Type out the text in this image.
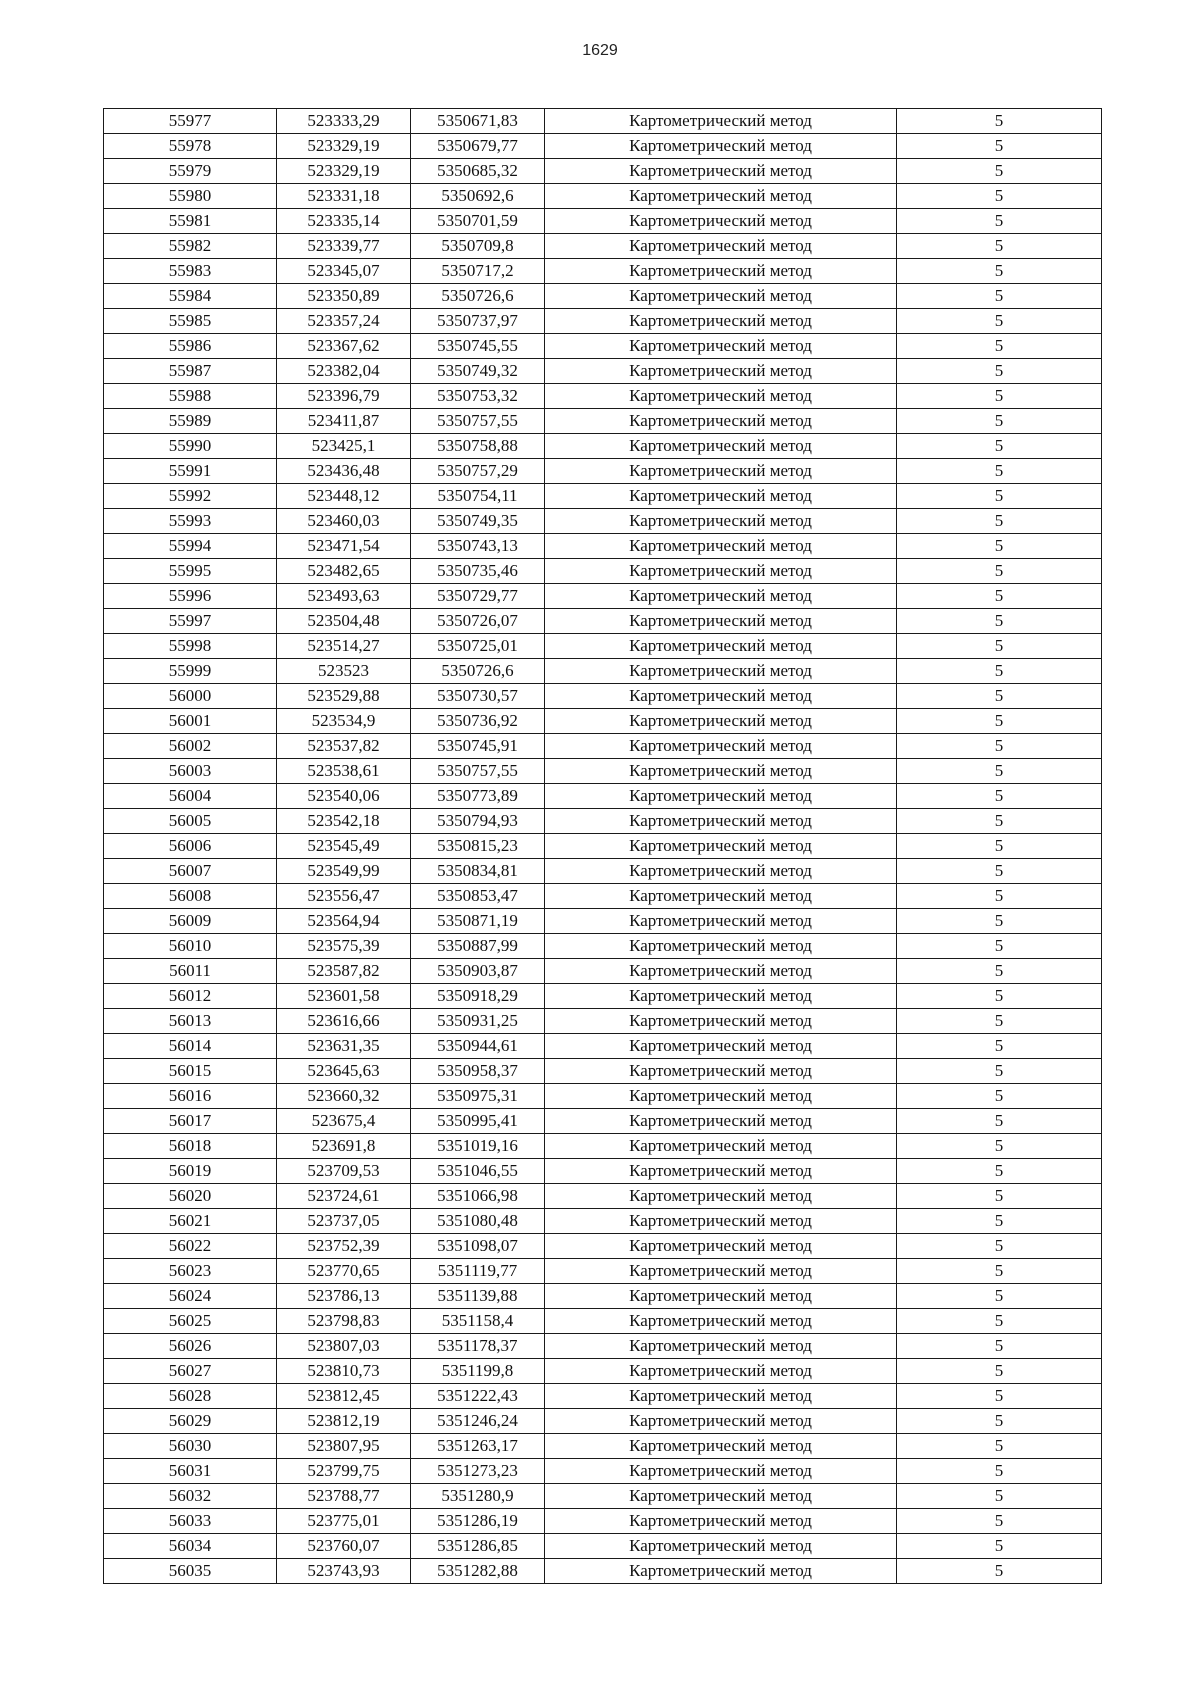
1629
55977	523333,29	5350671,83	Картометрический метод	5
55978	523329,19	5350679,77	Картометрический метод	5
55979	523329,19	5350685,32	Картометрический метод	5
55980	523331,18	5350692,6	Картометрический метод	5
55981	523335,14	5350701,59	Картометрический метод	5
55982	523339,77	5350709,8	Картометрический метод	5
55983	523345,07	5350717,2	Картометрический метод	5
55984	523350,89	5350726,6	Картометрический метод	5
55985	523357,24	5350737,97	Картометрический метод	5
55986	523367,62	5350745,55	Картометрический метод	5
55987	523382,04	5350749,32	Картометрический метод	5
55988	523396,79	5350753,32	Картометрический метод	5
55989	523411,87	5350757,55	Картометрический метод	5
55990	523425,1	5350758,88	Картометрический метод	5
55991	523436,48	5350757,29	Картометрический метод	5
55992	523448,12	5350754,11	Картометрический метод	5
55993	523460,03	5350749,35	Картометрический метод	5
55994	523471,54	5350743,13	Картометрический метод	5
55995	523482,65	5350735,46	Картометрический метод	5
55996	523493,63	5350729,77	Картометрический метод	5
55997	523504,48	5350726,07	Картометрический метод	5
55998	523514,27	5350725,01	Картометрический метод	5
55999	523523	5350726,6	Картометрический метод	5
56000	523529,88	5350730,57	Картометрический метод	5
56001	523534,9	5350736,92	Картометрический метод	5
56002	523537,82	5350745,91	Картометрический метод	5
56003	523538,61	5350757,55	Картометрический метод	5
56004	523540,06	5350773,89	Картометрический метод	5
56005	523542,18	5350794,93	Картометрический метод	5
56006	523545,49	5350815,23	Картометрический метод	5
56007	523549,99	5350834,81	Картометрический метод	5
56008	523556,47	5350853,47	Картометрический метод	5
56009	523564,94	5350871,19	Картометрический метод	5
56010	523575,39	5350887,99	Картометрический метод	5
56011	523587,82	5350903,87	Картометрический метод	5
56012	523601,58	5350918,29	Картометрический метод	5
56013	523616,66	5350931,25	Картометрический метод	5
56014	523631,35	5350944,61	Картометрический метод	5
56015	523645,63	5350958,37	Картометрический метод	5
56016	523660,32	5350975,31	Картометрический метод	5
56017	523675,4	5350995,41	Картометрический метод	5
56018	523691,8	5351019,16	Картометрический метод	5
56019	523709,53	5351046,55	Картометрический метод	5
56020	523724,61	5351066,98	Картометрический метод	5
56021	523737,05	5351080,48	Картометрический метод	5
56022	523752,39	5351098,07	Картометрический метод	5
56023	523770,65	5351119,77	Картометрический метод	5
56024	523786,13	5351139,88	Картометрический метод	5
56025	523798,83	5351158,4	Картометрический метод	5
56026	523807,03	5351178,37	Картометрический метод	5
56027	523810,73	5351199,8	Картометрический метод	5
56028	523812,45	5351222,43	Картометрический метод	5
56029	523812,19	5351246,24	Картометрический метод	5
56030	523807,95	5351263,17	Картометрический метод	5
56031	523799,75	5351273,23	Картометрический метод	5
56032	523788,77	5351280,9	Картометрический метод	5
56033	523775,01	5351286,19	Картометрический метод	5
56034	523760,07	5351286,85	Картометрический метод	5
56035	523743,93	5351282,88	Картометрический метод	5
